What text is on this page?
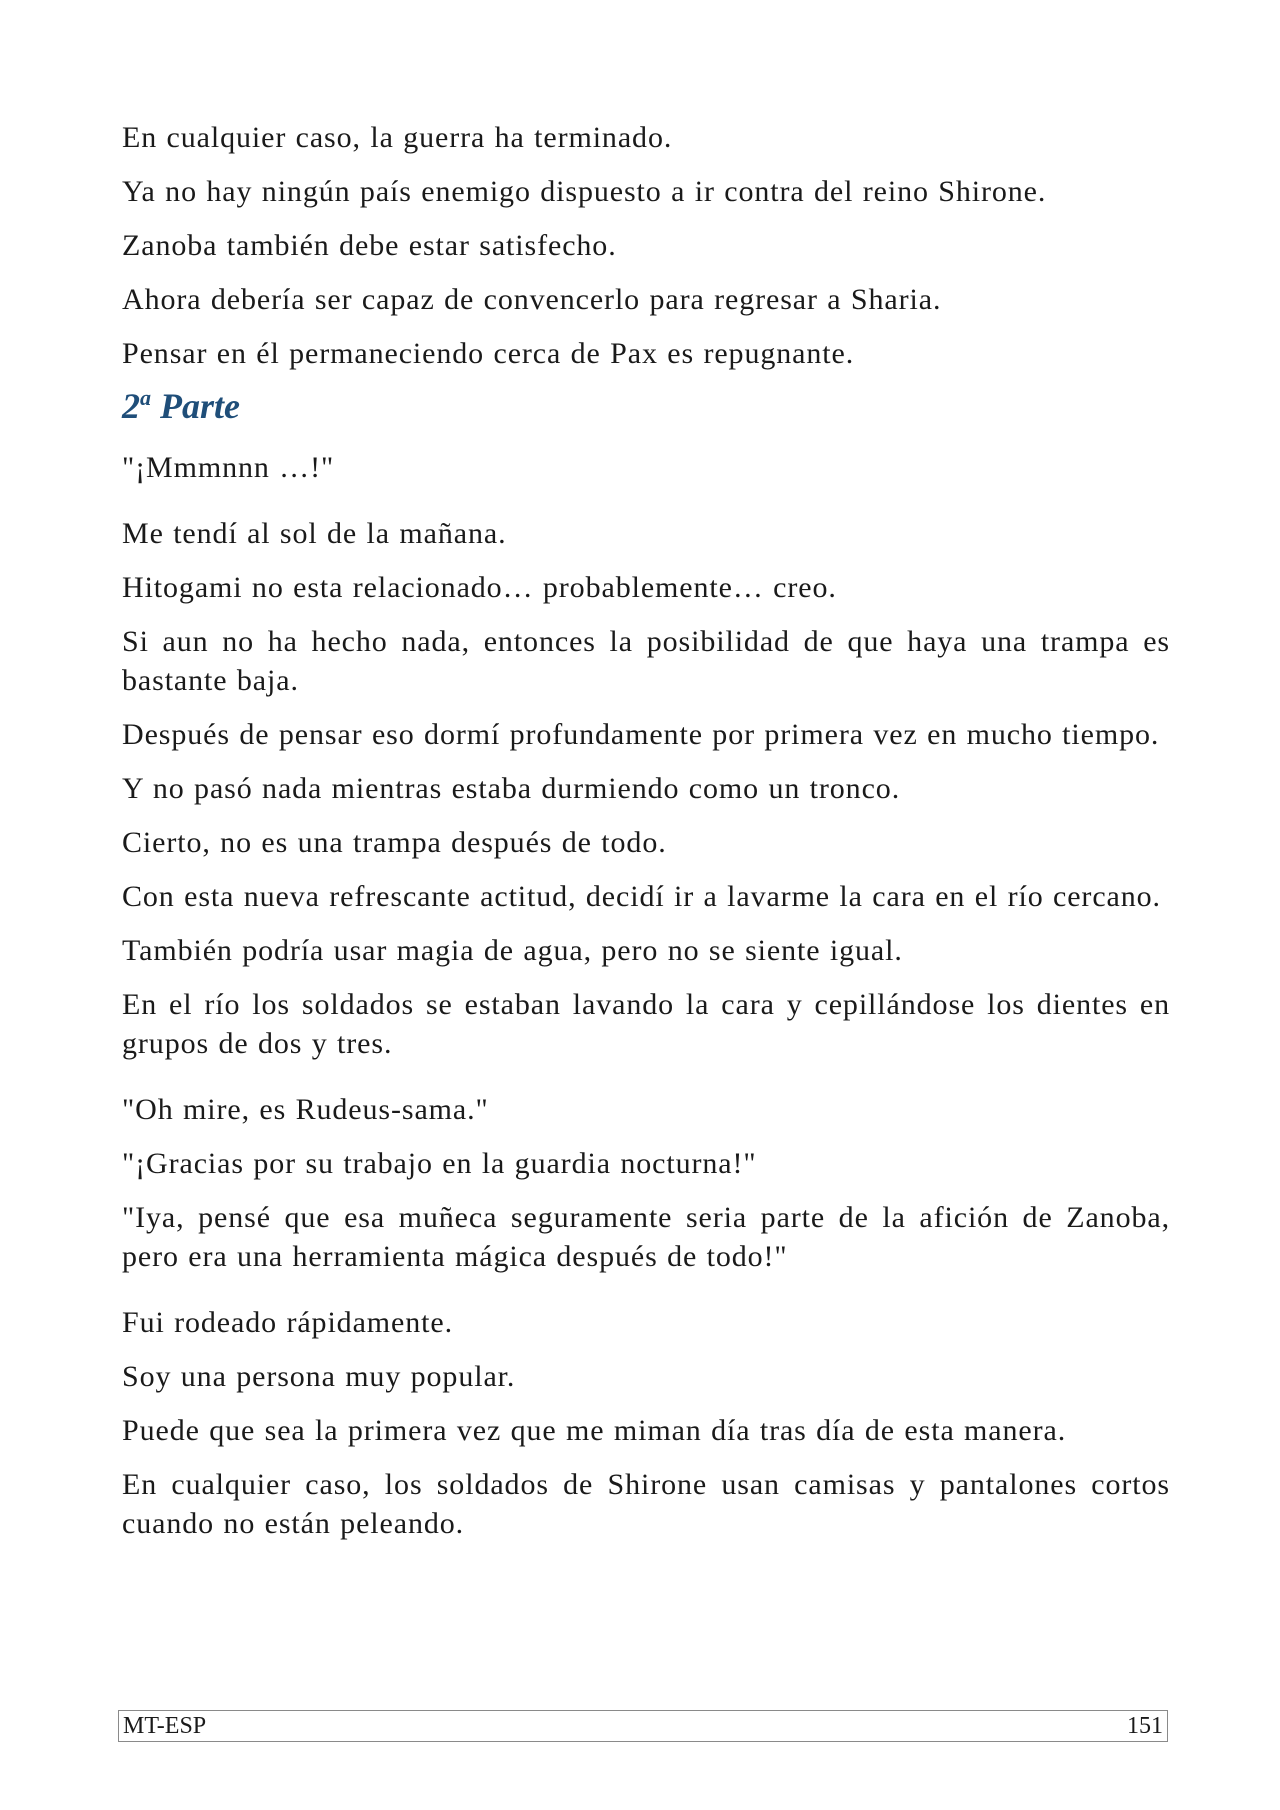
En cualquier caso, la guerra ha terminado.

Ya no hay ningún país enemigo dispuesto a ir contra del reino Shirone.

Zanoba también debe estar satisfecho.

Ahora debería ser capaz de convencerlo para regresar a Sharia.

Pensar en él permaneciendo cerca de Pax es repugnante.

2$^a$ Parte

"¡Mmmnnn …!"

Me tendí al sol de la mañana.

Hitogami no esta relacionado… probablemente… creo.

Si aun no ha hecho nada, entonces la posibilidad de que haya una trampa es bastante baja.

Después de pensar eso dormí profundamente por primera vez en mucho tiempo.

Y no pasó nada mientras estaba durmiendo como un tronco.

Cierto, no es una trampa después de todo.

Con esta nueva refrescante actitud, decidí ir a lavarme la cara en el río cercano.

También podría usar magia de agua, pero no se siente igual.

En el río los soldados se estaban lavando la cara y cepillándose los dientes en grupos de dos y tres.

"Oh mire, es Rudeus-sama."

"¡Gracias por su trabajo en la guardia nocturna!"

"Iya, pensé que esa muñeca seguramente seria parte de la afición de Zanoba, pero era una herramienta mágica después de todo!"

Fui rodeado rápidamente.

Soy una persona muy popular.

Puede que sea la primera vez que me miman día tras día de esta manera.

En cualquier caso, los soldados de Shirone usan camisas y pantalones cortos cuando no están peleando.

MT-ESP	151
